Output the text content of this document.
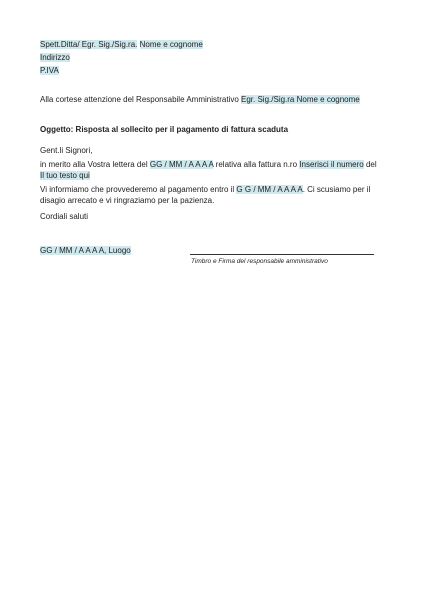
Spett.Ditta/ Egr. Sig./Sig.ra. Nome e cognome

Indirizzo

P.IVA

Alla cortese attenzione del Responsabile Amministrativo Egr. Sig./Sig.ra Nome e cognome

Oggetto: Risposta al sollecito per il pagamento di fattura scaduta

Gent.li Signori,

in merito alla Vostra lettera del GG / MM / A A A A relativa alla fattura n.ro Inserisci il numero del

Il tuo testo qui

Vi informiamo che provvederemo al pagamento entro il G G / MM / A A A A. Ci scusiamo per il

disagio arrecato e vi ringraziamo per la pazienza.

Cordiali saluti

GG / MM / A A A A, Luogo

Timbro e Firma del responsabile amministrativo
